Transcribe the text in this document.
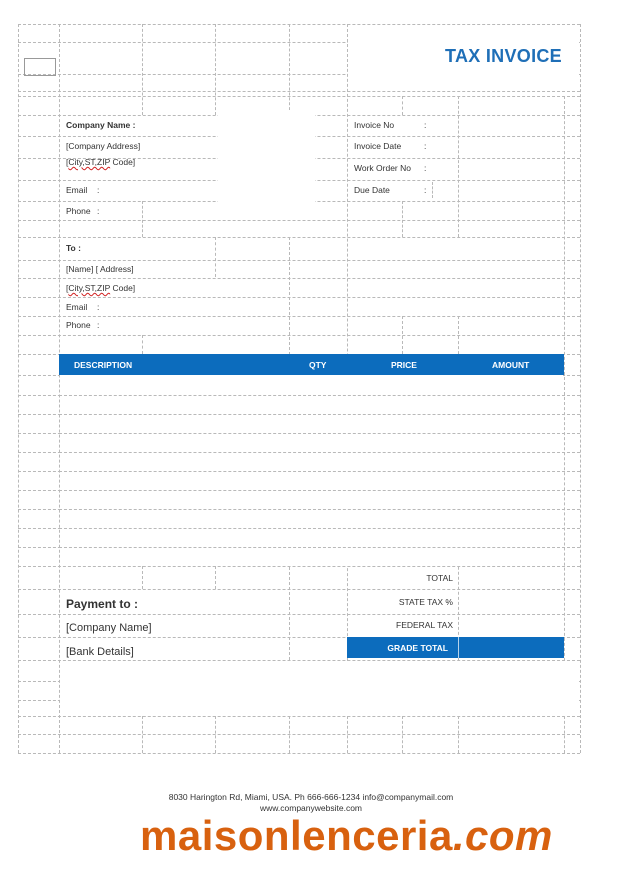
TAX INVOICE
Company Name :
[Company Address]
[City,ST,ZIP Code]
Email :
Phone :
Invoice No	:
Invoice Date	:
Work Order No :
Due Date	:
To :
[Name] [ Address]
[City,ST,ZIP Code]
Email :
Phone :
DESCRIPTION	QTY	PRICE	AMOUNT
TOTAL
STATE TAX %
FEDERAL TAX
GRADE TOTAL
Payment to :
[Company Name]
[Bank Details]
8030 Harington Rd, Miami, USA. Ph 666-666-1234 info@companymail.com
www.companywebsite.com
maisonlenceria.com
